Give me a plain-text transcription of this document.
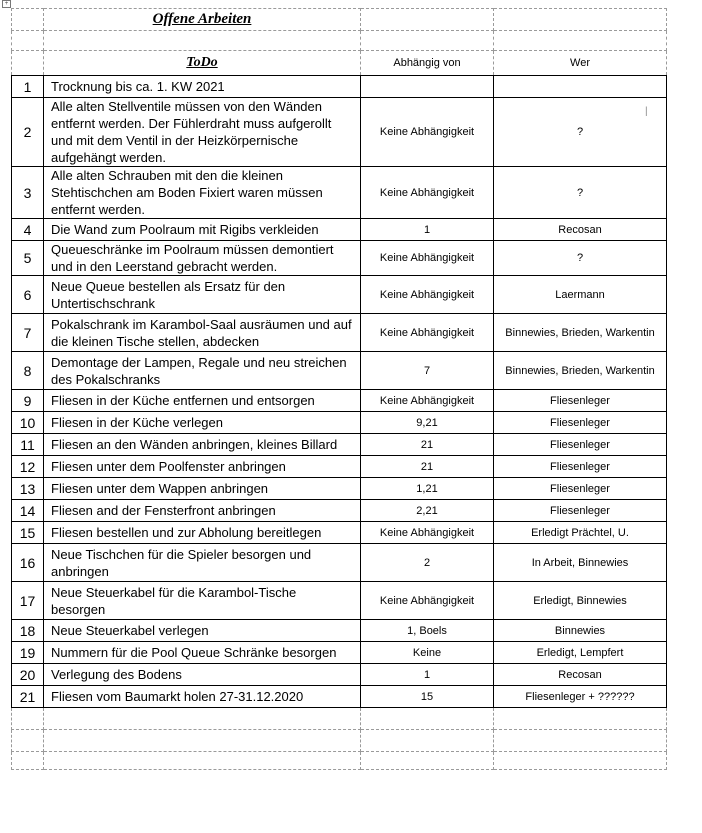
+
	Offene Arbeiten		

	ToDo	Abhängig von	Wer
1	Trocknung bis ca. 1. KW 2021		
2	Alle alten Stellventile müssen von den Wänden entfernt werden. Der Fühlerdraht muss aufgerollt und mit dem Ventil in der Heizkörpernische aufgehängt werden.	Keine Abhängigkeit	?
3	Alle alten Schrauben mit den die kleinen Stehtischchen am Boden Fixiert waren müssen entfernt werden.	Keine Abhängigkeit	?
4	Die Wand zum Poolraum mit Rigibs verkleiden	1	Recosan
5	Queueschränke im Poolraum müssen demontiert und in den Leerstand gebracht werden.	Keine Abhängigkeit	?
6	Neue Queue bestellen als Ersatz für den Untertischschrank	Keine Abhängigkeit	Laermann
7	Pokalschrank im Karambol-Saal ausräumen und auf die kleinen Tische stellen, abdecken	Keine Abhängigkeit	Binnewies, Brieden, Warkentin
8	Demontage der Lampen, Regale und neu streichen des Pokalschranks	7	Binnewies, Brieden, Warkentin
9	Fliesen in der Küche entfernen und entsorgen	Keine Abhängigkeit	Fliesenleger
10	Fliesen in der Küche verlegen	9,21	Fliesenleger
11	Fliesen an den Wänden anbringen, kleines Billard	21	Fliesenleger
12	Fliesen unter dem Poolfenster anbringen	21	Fliesenleger
13	Fliesen unter dem Wappen anbringen	1,21	Fliesenleger
14	Fliesen and der Fensterfront anbringen	2,21	Fliesenleger
15	Fliesen bestellen und zur Abholung bereitlegen	Keine Abhängigkeit	Erledigt Prächtel, U.
16	Neue Tischchen für die Spieler besorgen und anbringen	2	In Arbeit, Binnewies
17	Neue Steuerkabel für die Karambol-Tische besorgen	Keine Abhängigkeit	Erledigt, Binnewies
18	Neue Steuerkabel verlegen	1, Boels	Binnewies
19	Nummern für die Pool Queue Schränke besorgen	Keine	Erledigt, Lempfert
20	Verlegung des Bodens	1	Recosan
21	Fliesen vom Baumarkt holen 27-31.12.2020	15	Fliesenleger + ??????

|
